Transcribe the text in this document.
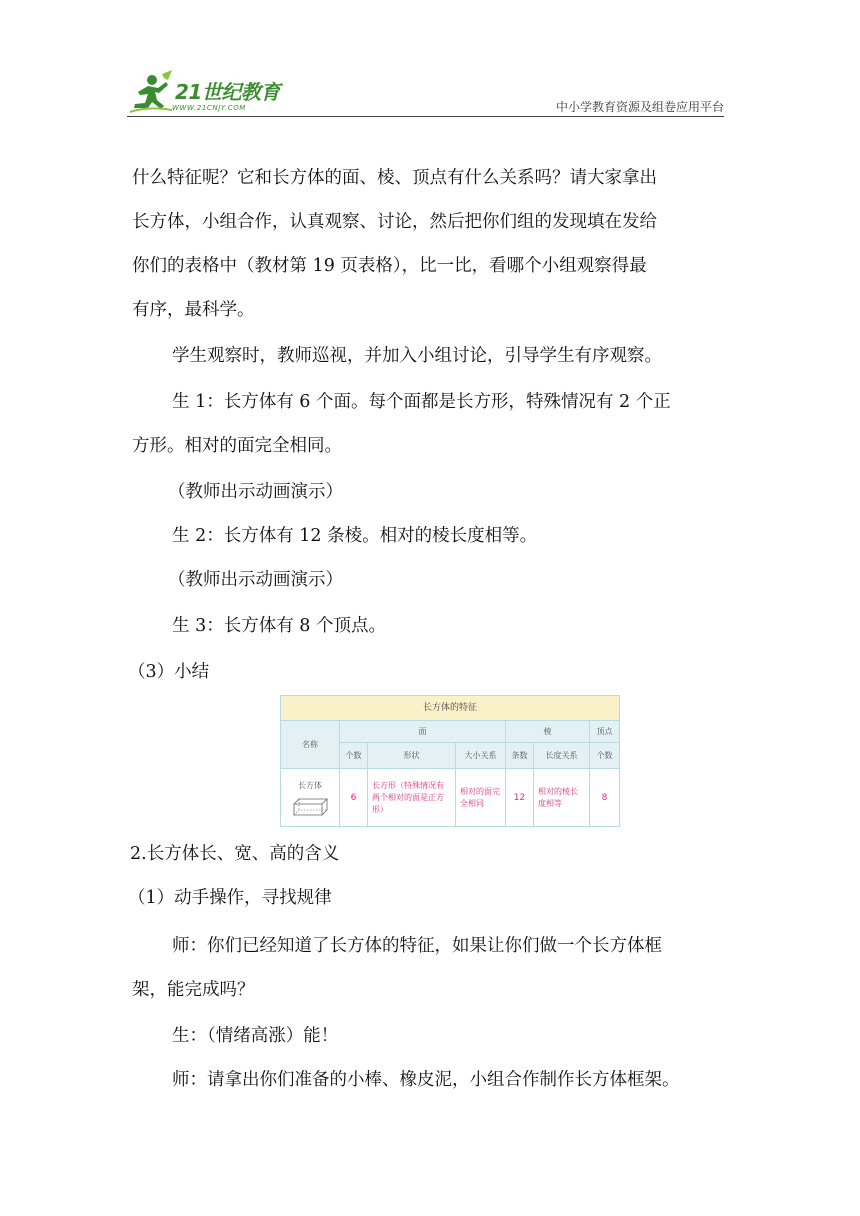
21世纪教育
WWW.21CNJY.COM	中小学教育资源及组卷应用平台
什么特征呢？它和长方体的面、棱、顶点有什么关系吗？请大家拿出
长方体，小组合作，认真观察、讨论，然后把你们组的发现填在发给
你们的表格中（教材第 19 页表格），比一比，看哪个小组观察得最
有序，最科学。
学生观察时，教师巡视，并加入小组讨论，引导学生有序观察。
生 1：长方体有 6 个面。每个面都是长方形，特殊情况有 2 个正
方形。相对的面完全相同。
（教师出示动画演示）
生 2：长方体有 12 条棱。相对的棱长度相等。
（教师出示动画演示）
生 3：长方体有 8 个顶点。
（3）小结
长方体的特征						
名称	面			棱		顶点
	个数	形状	大小关系	条数	长度关系	个数
长方体	6	长方形（特殊情况有两个相对的面是正方形）	相对的面完全相同	12	相对的棱长度相等	8
2.长方体长、宽、高的含义
（1）动手操作，寻找规律
师：你们已经知道了长方体的特征，如果让你们做一个长方体框
架，能完成吗？
生：（情绪高涨）能！
师：请拿出你们准备的小棒、橡皮泥，小组合作制作长方体框架。
